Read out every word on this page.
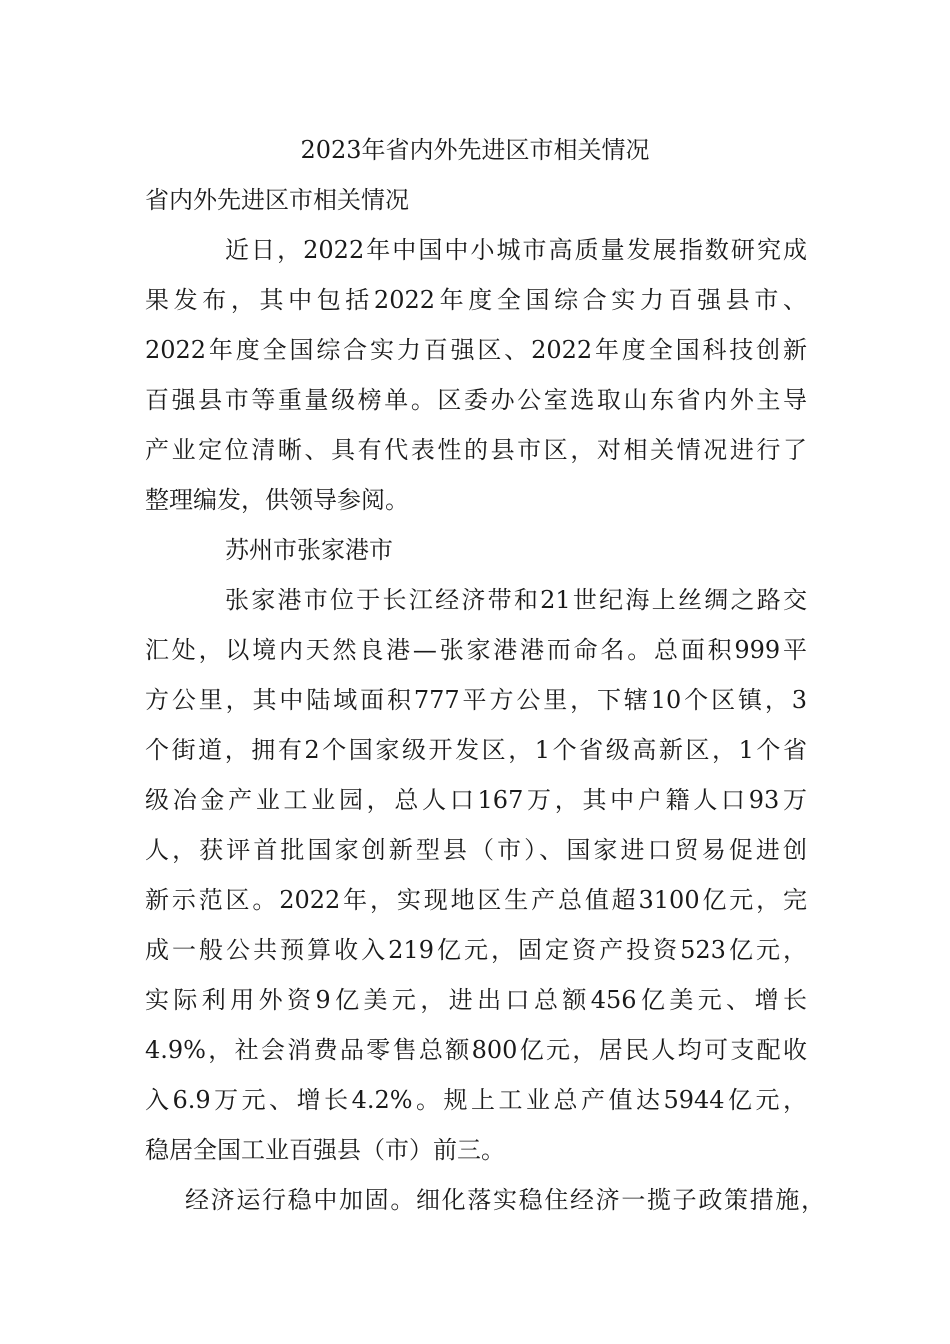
2023年省内外先进区市相关情况
省内外先进区市相关情况
近日，2022年中国中小城市高质量发展指数研究成
果发布，其中包括2022年度全国综合实力百强县市、
2022年度全国综合实力百强区、2022年度全国科技创新
百强县市等重量级榜单。区委办公室选取山东省内外主导
产业定位清晰、具有代表性的县市区，对相关情况进行了
整理编发，供领导参阅。
苏州市张家港市
张家港市位于长江经济带和21世纪海上丝绸之路交
汇处，以境内天然良港—张家港港而命名。总面积999平
方公里，其中陆域面积777平方公里，下辖10个区镇，3
个街道，拥有2个国家级开发区，1个省级高新区，1个省
级冶金产业工业园，总人口167万，其中户籍人口93万
人，获评首批国家创新型县（市）、国家进口贸易促进创
新示范区。2022年，实现地区生产总值超3100亿元，完
成一般公共预算收入219亿元，固定资产投资523亿元，
实际利用外资9亿美元，进出口总额456亿美元、增长
4.9%，社会消费品零售总额800亿元，居民人均可支配收
入6.9万元、增长4.2%。规上工业总产值达5944亿元，
稳居全国工业百强县（市）前三。
经济运行稳中加固。细化落实稳住经济一揽子政策措施，
